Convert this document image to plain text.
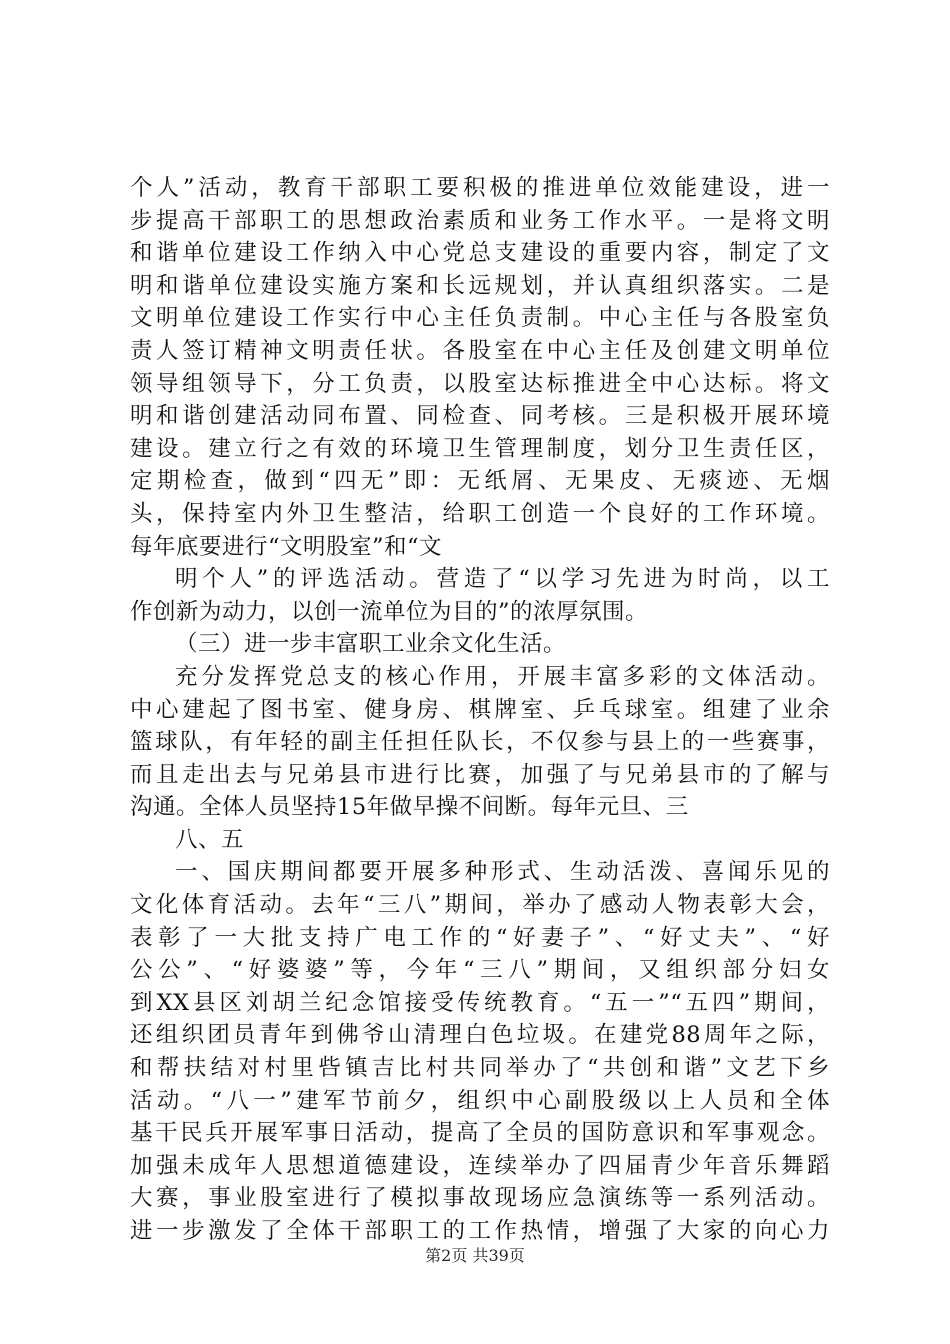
个人”活动，教育干部职工要积极的推进单位效能建设，进一
步提高干部职工的思想政治素质和业务工作水平。一是将文明
和谐单位建设工作纳入中心党总支建设的重要内容，制定了文
明和谐单位建设实施方案和长远规划，并认真组织落实。二是
文明单位建设工作实行中心主任负责制。中心主任与各股室负
责人签订精神文明责任状。各股室在中心主任及创建文明单位
领导组领导下，分工负责，以股室达标推进全中心达标。将文
明和谐创建活动同布置、同检查、同考核。三是积极开展环境
建设。建立行之有效的环境卫生管理制度，划分卫生责任区，
定期检查，做到“四无”即：无纸屑、无果皮、无痰迹、无烟
头，保持室内外卫生整洁，给职工创造一个良好的工作环境。
每年底要进行“文明股室”和“文
明个人”的评选活动。营造了“以学习先进为时尚，以工
作创新为动力，以创一流单位为目的”的浓厚氛围。
（三）进一步丰富职工业余文化生活。
充分发挥党总支的核心作用，开展丰富多彩的文体活动。
中心建起了图书室、健身房、棋牌室、乒乓球室。组建了业余
篮球队，有年轻的副主任担任队长，不仅参与县上的一些赛事，
而且走出去与兄弟县市进行比赛，加强了与兄弟县市的了解与
沟通。全体人员坚持15年做早操不间断。每年元旦、三
八、五
一、国庆期间都要开展多种形式、生动活泼、喜闻乐见的
文化体育活动。去年“三八”期间，举办了感动人物表彰大会，
表彰了一大批支持广电工作的“好妻子”、“好丈夫”、“好
公公”、“好婆婆”等，今年“三八”期间，又组织部分妇女
到XX县区刘胡兰纪念馆接受传统教育。“五一”“五四”期间，
还组织团员青年到佛爷山清理白色垃圾。在建党88周年之际，
和帮扶结对村里呰镇吉比村共同举办了“共创和谐”文艺下乡
活动。“八一”建军节前夕，组织中心副股级以上人员和全体
基干民兵开展军事日活动，提高了全员的国防意识和军事观念。
加强未成年人思想道德建设，连续举办了四届青少年音乐舞蹈
大赛，事业股室进行了模拟事故现场应急演练等一系列活动。
进一步激发了全体干部职工的工作热情，增强了大家的向心力
第2页 共39页
